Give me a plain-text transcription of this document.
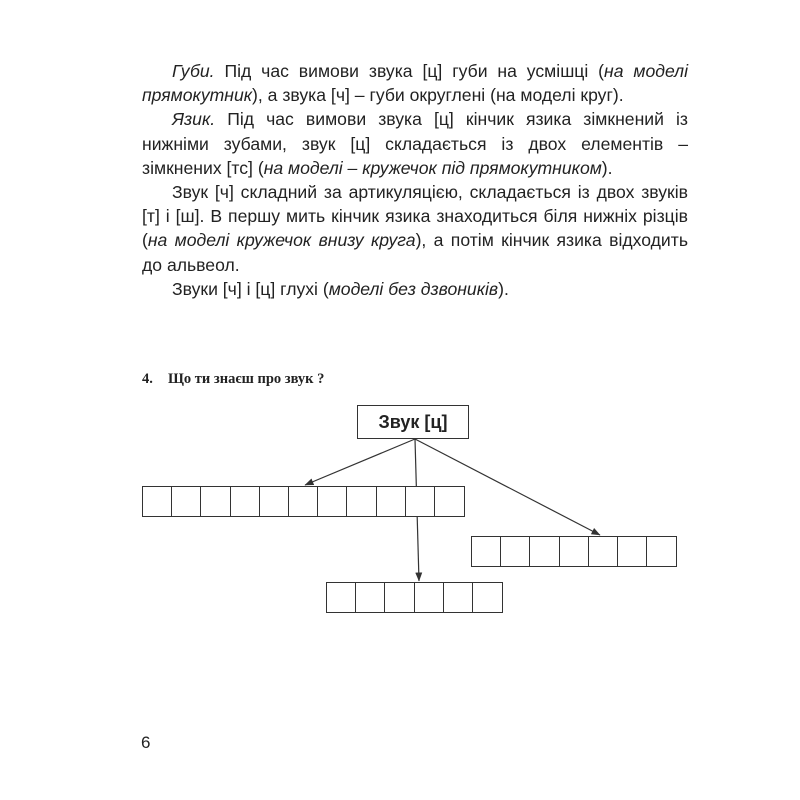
Губи. Під час вимови звука [ц] губи на усмішці (на моделі прямокутник), а звука [ч] – губи округлені (на моделі круг).

Язик. Під час вимови звука [ц] кінчик язика зімкнений із нижніми зубами, звук [ц] складається із двох елементів – зімкнених [тс] (на моделі – кружечок під прямокутником).

Звук [ч] складний за артикуляцією, складається із двох звуків [т] і [ш]. В першу мить кінчик язика знаходиться біля нижніх різців (на моделі кружечок внизу круга), а потім кінчик язика відходить до альвеол.

Звуки [ч] і [ц] глухі (моделі без дзвоників).

4. Що ти знаєш про звук ?
Звук [ц]
6
